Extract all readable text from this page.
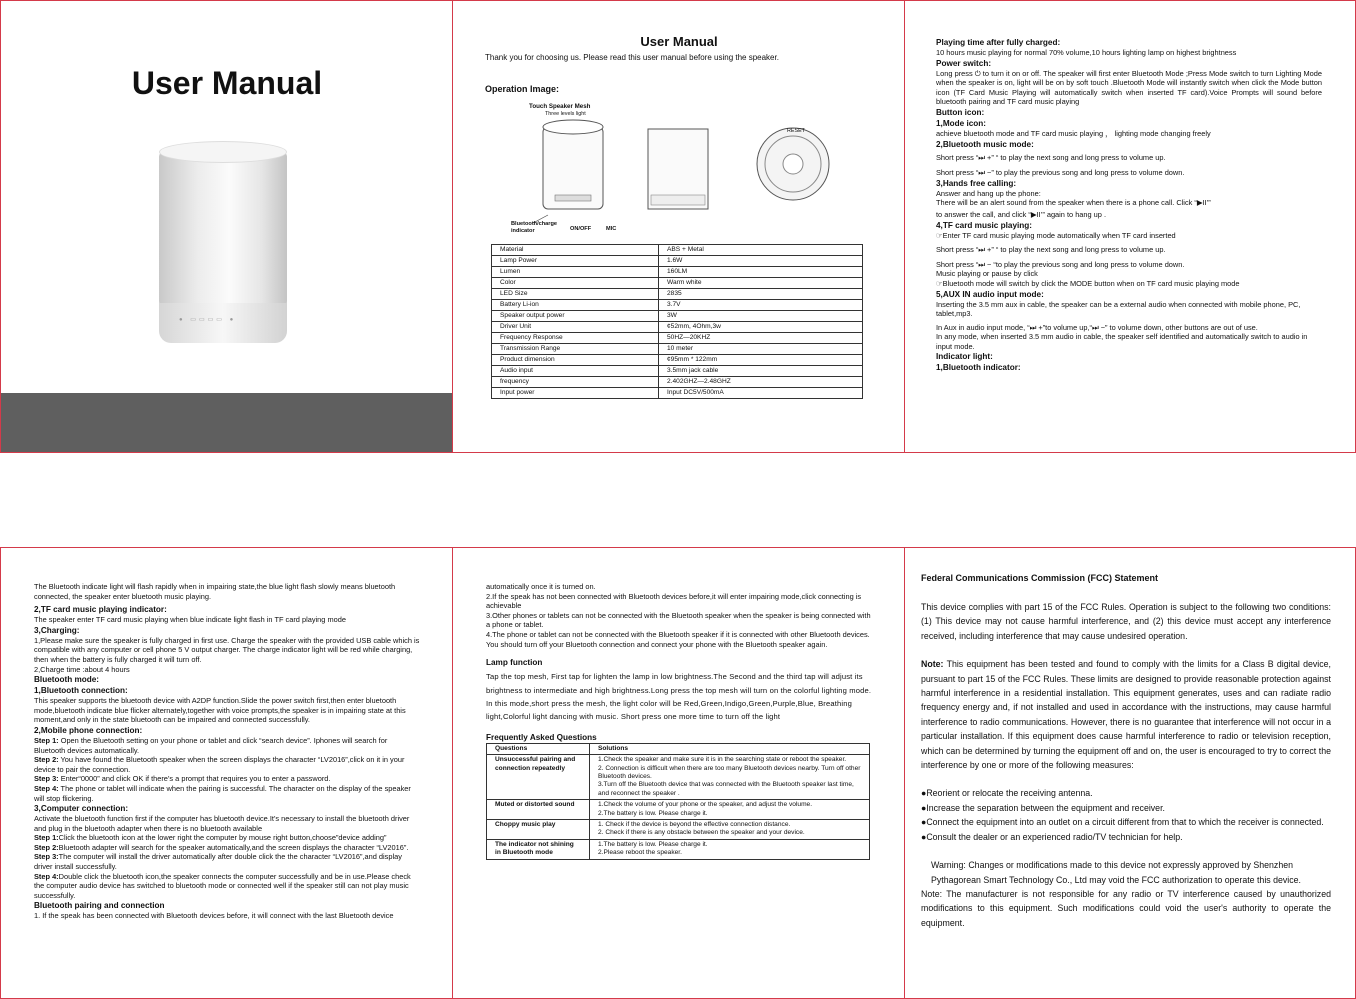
User Manual
● ▭▭▭▭ ●
User Manual
Thank you for choosing us. Please read this user manual before using the speaker.
Operation Image:
Touch Speaker Mesh
Three levels light
RESET
Bluetooth/charge indicator	ON/OFF	MIC
Material	ABS + Metal
Lamp Power	1.6W
Lumen	160LM
Color	Warm white
LED Size	2835
Battery Li-ion	3.7V
Speaker output power	3W
Driver Unit	¢52mm, 4Ohm,3w
Frequency Response	50HZ—20KHZ
Transmission Range	10 meter
Product dimension	¢95mm * 122mm
Audio input	3.5mm jack cable
frequency	2.402GHZ—2.48GHZ
Input power	Input DC5V/500mA
Playing time after fully charged:
10 hours music playing for normal 70% volume,10 hours lighting lamp on highest brightness
Power switch:
Long press ⏻ to turn it on or off. The speaker will first enter Bluetooth Mode ;Press Mode switch to turn Lighting Mode when the speaker is on, light will be on by soft touch .Bluetooth Mode will instantly switch when click the Mode button icon (TF Card Music Playing will automatically switch when inserted TF card).Voice Prompts will sound before bluetooth pairing and TF card music playing
Button icon:
1,Mode icon:
achieve bluetooth mode and TF card music playing ， lighting mode changing freely
2,Bluetooth music mode:
Short press “⏭ +” “ to play the next song and long press to volume up.
Short press “⏭ −” to play the previous song and long press to volume down.
3,Hands free calling:
Answer and hang up the phone:
There will be an alert sound from the speaker when there is a phone call. Click “▶II’”
to answer the call, and click “▶II’” again to hang up .
4,TF card music playing:
☞Enter TF card music playing mode automatically when TF card inserted
Short press “⏭ +” “ to play the next song and long press to volume up.
Short press “⏭ − “to play the previous song and long press to volume down.
Music playing or pause by click
☞Bluetooth mode will switch by click the MODE button when on TF card music playing mode
5,AUX IN audio input mode:
Inserting the 3.5 mm aux in cable, the speaker can be a external audio when connected with mobile phone, PC, tablet,mp3.
In Aux in audio input mode, “⏭ +”to volume up,“⏭ −” to volume down, other buttons are out of use.
In any mode, when inserted 3.5 mm audio in cable, the speaker self identified and automatically switch to audio in input mode.
Indicator light:
1,Bluetooth indicator:
The Bluetooth indicate light will flash rapidly when in impairing state,the blue light flash slowly means bluetooth connected, the speaker enter bluetooth music playing.
2,TF card music playing indicator:
The speaker enter TF card music playing when blue indicate light flash in TF card playing mode
3,Charging:
1,Please make sure the speaker is fully charged in first use. Charge the speaker with the provided USB cable which is compatible with any computer or cell phone 5 V output charger. The charge indicator light will be red while charging, then when the battery is fully charged it will turn off.
2,Charge time :about 4 hours
Bluetooth mode:
1,Bluetooth connection:
This speaker supports the bluetooth device with A2DP function.Slide the power switch first,then enter bluetooth mode,bluetooth indicate blue flicker alternately,together with voice prompts,the speaker is in impairing state at this moment,and only in the state bluetooth can be impaired and connected successfully.
2,Mobile phone connection:
Step 1: Open the Bluetooth setting on your phone or tablet and click “search device”. Iphones will search for Bluetooth devices automatically.
Step 2: You have found the Bluetooth speaker when the screen displays the character “LV2016”,click on it in your device to pair the connection.
Step 3: Enter“0000” and click OK if there’s a prompt that requires you to enter a password.
Step 4: The phone or tablet will indicate when the pairing is successful. The character on the display of the speaker will stop flickering.
3,Computer connection:
Activate the bluetooth function first if the computer has bluetooth device.It’s necessary to install the bluetooth driver and plug in the bluetooth adapter when there is no bluetooth available
Step 1:Click the bluetooth icon at the lower right the computer by mouse right button,choose”device adding”
Step 2:Bluetooth adapter will search for the speaker automatically,and the screen displays the character “LV2016”.
Step 3:The computer will install the driver automatically after double click the the character “LV2016”,and display driver install successfully.
Step 4:Double click the bluetooth icon,the speaker connects the computer successfully and be in use.Please check the computer audio device has switched to bluetooth mode or connected well if the speaker still can not play music successfully.
Bluetooth pairing and connection
1. If the speak has been connected with Bluetooth devices before, it will connect with the last Bluetooth device
automatically once it is turned on.
2.If the speak has not been connected with Bluetooth devices before,it will enter impairing mode,click connecting is achievable
3.Other phones or tablets can not be connected with the Bluetooth speaker when the speaker is being connected with a phone or tablet.
4.The phone or tablet can not be connected with the Bluetooth speaker if it is connected with other Bluetooth devices. You should turn off your Bluetooth connection and connect your phone with the Bluetooth speaker again.
Lamp function
Tap the top mesh, First tap for lighten the lamp in low brightness.The Second and the third tap will adjust its brightness to intermediate and high brightness.Long press the top mesh will turn on the colorful lighting mode. In this mode,short press the mesh, the light color will be Red,Green,Indigo,Green,Purple,Blue, Breathing light,Colorful light dancing with music. Short press one more time to turn off the light
Frequently Asked Questions
Questions	Solutions
Unsuccessful pairing and connection repeatedly	1.Check the speaker and make sure it is in the searching state or reboot the speaker.
2. Connection is difficult when there are too many Bluetooth devices nearby. Turn off other Bluetooth devices.
3.Turn off the Bluetooth device that was connected with the Bluetooth speaker last time, and reconnect the speaker .

Muted or distorted sound	1.Check the volume of your phone or the speaker, and adjust the volume.
2.The battery is low. Please charge it.

Choppy music play	1. Check if the device is beyond the effective connection distance.
2. Check if there is any obstacle between the speaker and your device.

The indicator not shining in Bluetooth mode	1.The battery is low. Please charge it.
2.Please reboot the speaker.
Federal Communications Commission (FCC) Statement
This device complies with part 15 of the FCC Rules. Operation is subject to the following two conditions: (1) This device may not cause harmful interference, and (2) this device must accept any interference received, including interference that may cause undesired operation.
Note: This equipment has been tested and found to comply with the limits for a Class B digital device, pursuant to part 15 of the FCC Rules. These limits are designed to provide reasonable protection against harmful interference in a residential installation. This equipment generates, uses and can radiate radio frequency energy and, if not installed and used in accordance with the instructions, may cause harmful interference to radio communications. However, there is no guarantee that interference will not occur in a particular installation. If this equipment does cause harmful interference to radio or television reception, which can be determined by turning the equipment off and on, the user is encouraged to try to correct the interference by one or more of the following measures:
●Reorient or relocate the receiving antenna.
●Increase the separation between the equipment and receiver.
●Connect the equipment into an outlet on a circuit different from that to which the receiver is connected.
●Consult the dealer or an experienced radio/TV technician for help.
Warning: Changes or modifications made to this device not expressly approved by Shenzhen Pythagorean Smart Technology Co., Ltd may void the FCC authorization to operate this device.
Note: The manufacturer is not responsible for any radio or TV interference caused by unauthorized modifications to this equipment. Such modifications could void the user's authority to operate the equipment.
